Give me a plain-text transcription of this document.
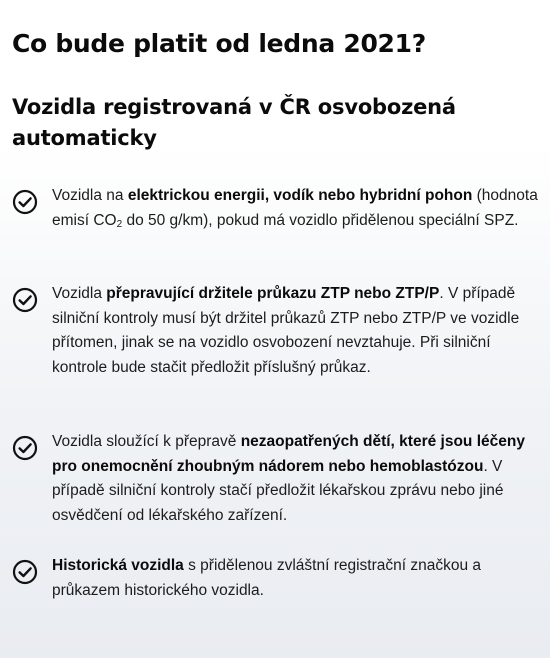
Co bude platit od ledna 2021?
Vozidla registrovaná v ČR osvobozená automaticky
Vozidla na elektrickou energii, vodík nebo hybridní pohon (hodnota emisí $CO_2$ do 50 g/km), pokud má vozidlo přidělenou speciální SPZ.
Vozidla přepravující držitele průkazu ZTP nebo ZTP/P. V případě silniční kontroly musí být držitel průkazů ZTP nebo ZTP/P ve vozidle přítomen, jinak se na vozidlo osvobození nevztahuje. Při silniční kontrole bude stačit předložit příslušný průkaz.
Vozidla sloužící k přepravě nezaopatřených dětí, které jsou léčeny pro onemocnění zhoubným nádorem nebo hemoblastózou. V případě silniční kontroly stačí předložit lékařskou zprávu nebo jiné osvědčení od lékařského zařízení.
Historická vozidla s přidělenou zvláštní registrační značkou a průkazem historického vozidla.
